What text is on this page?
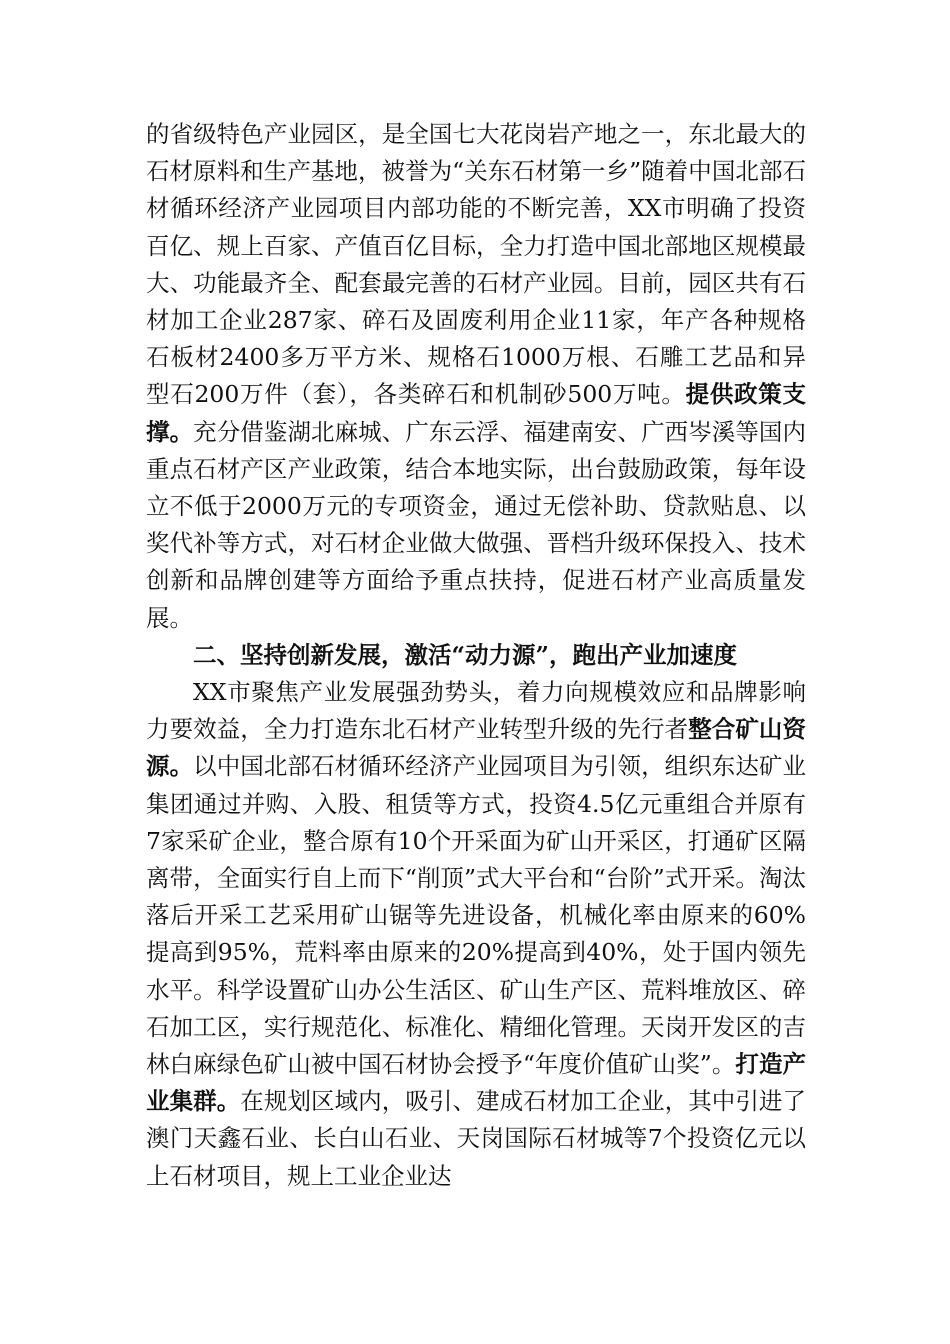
的省级特色产业园区，是全国七大花岗岩产地之一，东北最大的石材原料和生产基地，被誉为“关东石材第一乡”随着中国北部石材循环经济产业园项目内部功能的不断完善，XX市明确了投资百亿、规上百家、产值百亿目标，全力打造中国北部地区规模最大、功能最齐全、配套最完善的石材产业园。目前，园区共有石材加工企业287家、碎石及固废利用企业11家，年产各种规格石板材2400多万平方米、规格石1000万根、石雕工艺品和异型石200万件（套），各类碎石和机制砂500万吨。提供政策支撑。充分借鉴湖北麻城、广东云浮、福建南安、广西岑溪等国内重点石材产区产业政策，结合本地实际，出台鼓励政策，每年设立不低于2000万元的专项资金，通过无偿补助、贷款贴息、以奖代补等方式，对石材企业做大做强、晋档升级环保投入、技术创新和品牌创建等方面给予重点扶持，促进石材产业高质量发展。

二、坚持创新发展，激活“动力源”，跑出产业加速度

XX市聚焦产业发展强劲势头，着力向规模效应和品牌影响力要效益，全力打造东北石材产业转型升级的先行者整合矿山资源。以中国北部石材循环经济产业园项目为引领，组织东达矿业集团通过并购、入股、租赁等方式，投资4.5亿元重组合并原有7家采矿企业，整合原有10个开采面为矿山开采区，打通矿区隔离带，全面实行自上而下“削顶”式大平台和“台阶”式开采。淘汰落后开采工艺采用矿山锯等先进设备，机械化率由原来的60%提高到95%，荒料率由原来的20%提高到40%，处于国内领先水平。科学设置矿山办公生活区、矿山生产区、荒料堆放区、碎石加工区，实行规范化、标准化、精细化管理。天岗开发区的吉林白麻绿色矿山被中国石材协会授予“年度价值矿山奖”。打造产业集群。在规划区域内，吸引、建成石材加工企业，其中引进了澳门天鑫石业、长白山石业、天岗国际石材城等7个投资亿元以上石材项目，规上工业企业达
